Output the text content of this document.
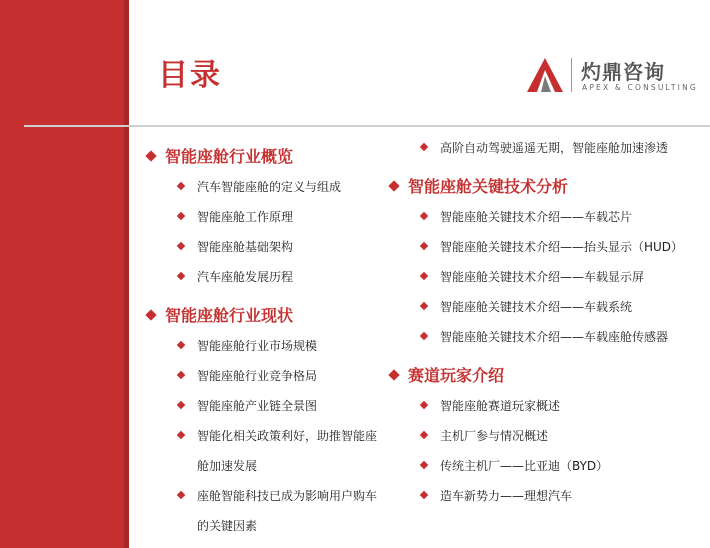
目录	灼鼎咨询
APEX & CONSULTING
智能座舱行业概览
汽车智能座舱的定义与组成
智能座舱工作原理
智能座舱基础架构
汽车座舱发展历程
智能座舱行业现状
智能座舱行业市场规模
智能座舱行业竞争格局
智能座舱产业链全景图
智能化相关政策利好，助推智能座
舱加速发展
座舱智能科技已成为影响用户购车
的关键因素
高阶自动驾驶遥遥无期，智能座舱加速渗透
智能座舱关键技术分析
智能座舱关键技术介绍——车载芯片
智能座舱关键技术介绍——抬头显示（HUD）
智能座舱关键技术介绍——车载显示屏
智能座舱关键技术介绍——车载系统
智能座舱关键技术介绍——车载座舱传感器
赛道玩家介绍
智能座舱赛道玩家概述
主机厂参与情况概述
传统主机厂——比亚迪（BYD）
造车新势力——理想汽车
